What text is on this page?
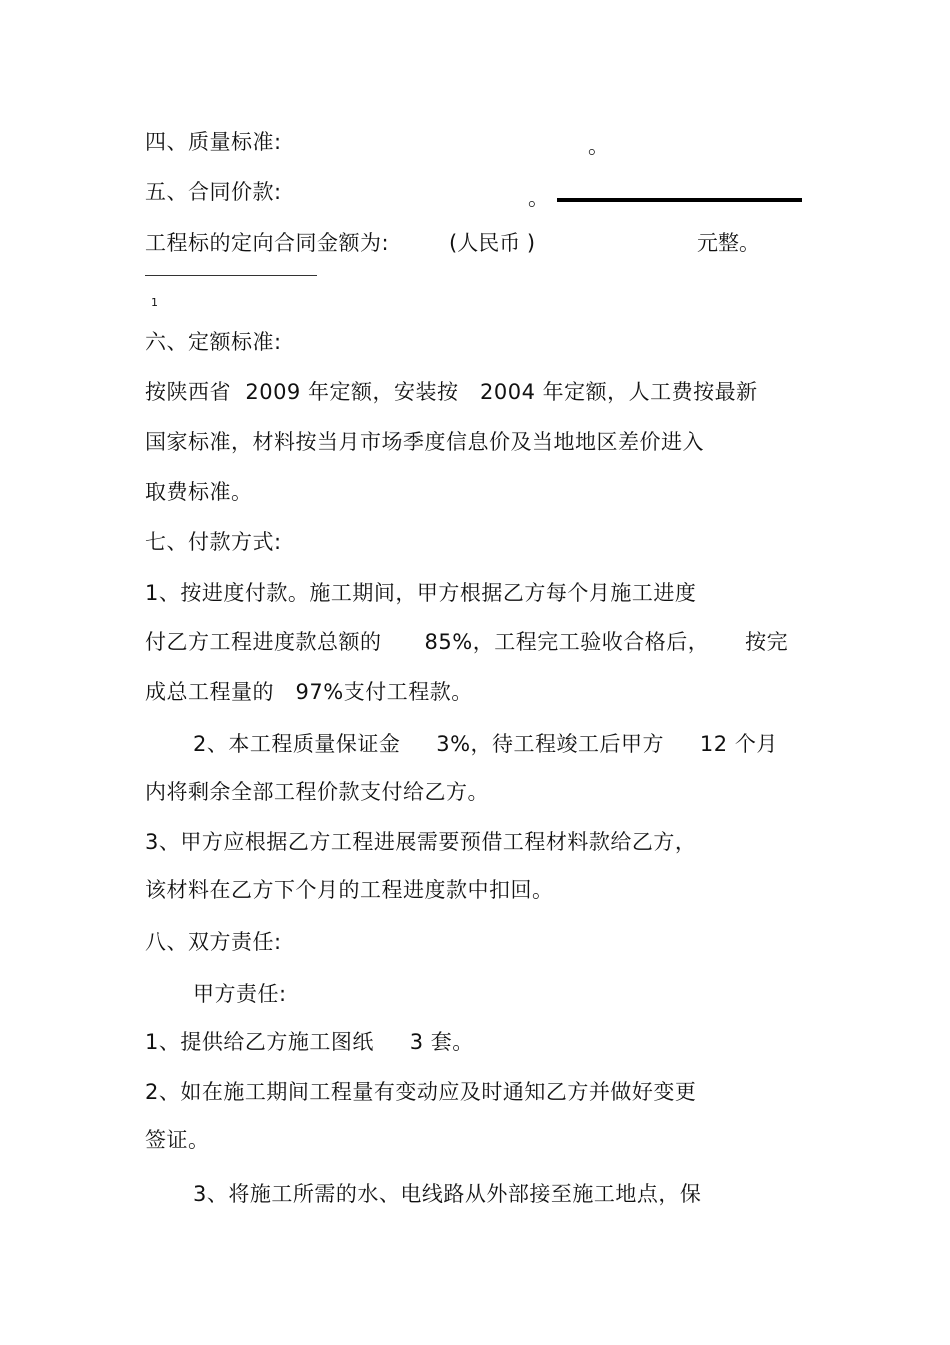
四、质量标准:	。
五、合同价款:	。
工程标的定向合同金额为:	(人民币 )	元整。
1
六、定额标准:
按陕西省  2009 年定额，安装按   2004 年定额，人工费按最新
国家标准，材料按当月市场季度信息价及当地地区差价进入
取费标准。
七、付款方式:
1、按进度付款。施工期间，甲方根据乙方每个月施工进度
付乙方工程进度款总额的      85%，工程完工验收合格后，     按完
成总工程量的   97%支付工程款。
2、本工程质量保证金     3%，待工程竣工后甲方     12 个月
内将剩余全部工程价款支付给乙方。
3、甲方应根据乙方工程进展需要预借工程材料款给乙方，
该材料在乙方下个月的工程进度款中扣回。
八、双方责任:
甲方责任:
1、提供给乙方施工图纸     3 套。
2、如在施工期间工程量有变动应及时通知乙方并做好变更
签证。
3、将施工所需的水、电线路从外部接至施工地点，保
